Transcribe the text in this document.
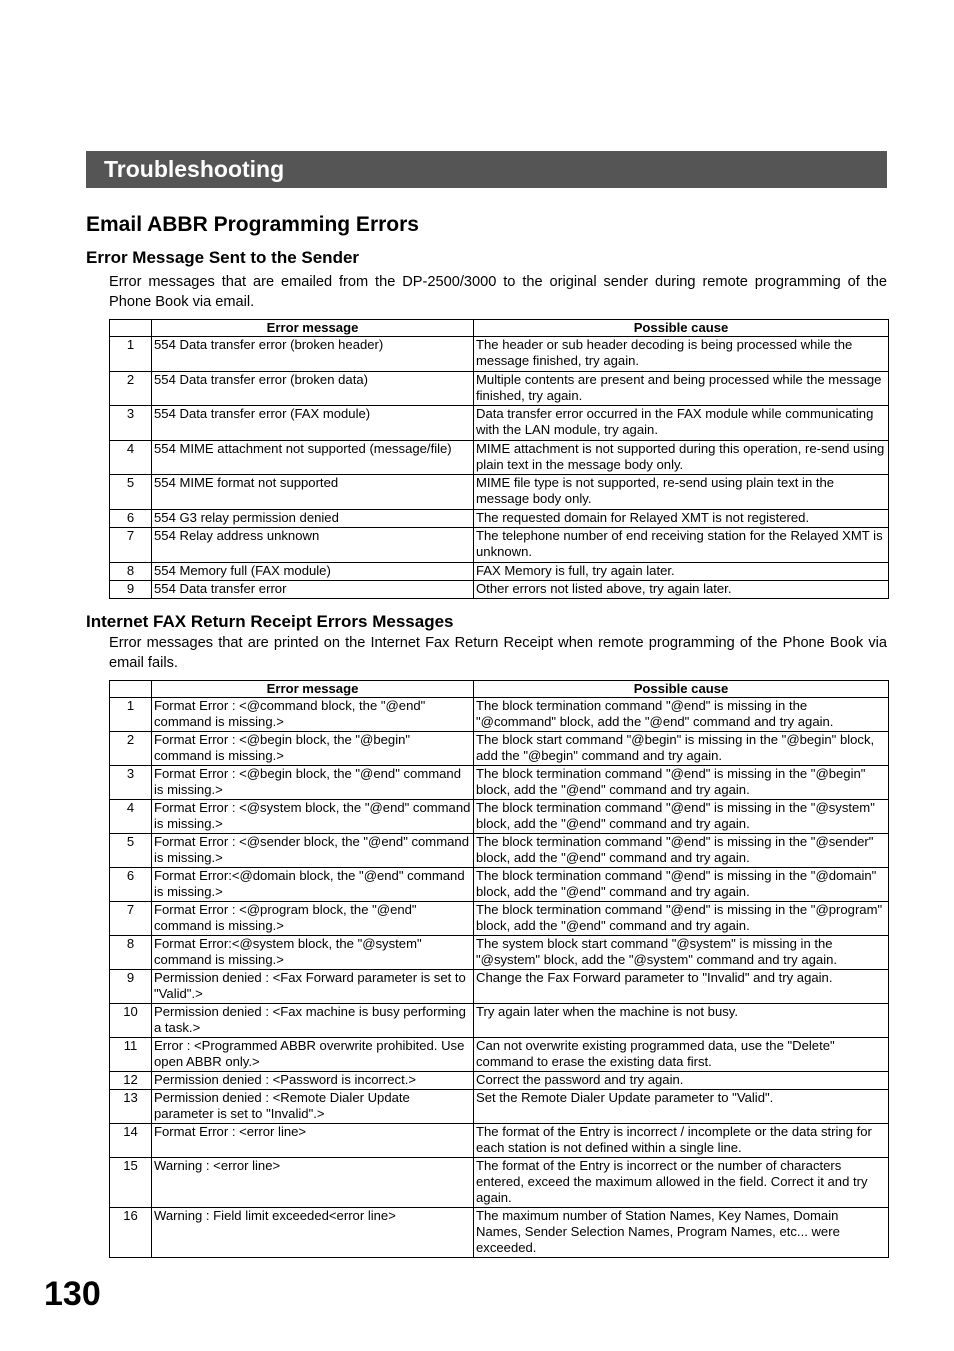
Troubleshooting
Email ABBR Programming Errors
Error Message Sent to the Sender

Error messages that are emailed from the DP-2500/3000 to the original sender during remote programming of the Phone Book via email.

	Error message	Possible cause
1	554 Data transfer error (broken header)	The header or sub header decoding is being processed while the message finished, try again.
2	554 Data transfer error (broken data)	Multiple contents are present and being processed while the message finished, try again.
3	554 Data transfer error (FAX module)	Data transfer error occurred in the FAX module while communicating with the LAN module, try again.
4	554 MIME attachment not supported (message/file)	MIME attachment is not supported during this operation, re-send using plain text in the message body only.
5	554 MIME format not supported	MIME file type is not supported, re-send using plain text in the message body only.
6	554 G3 relay permission denied	The requested domain for Relayed XMT is not registered.
7	554 Relay address unknown	The telephone number of end receiving station for the Relayed XMT is unknown.
8	554 Memory full (FAX module)	FAX Memory is full, try again later.
9	554 Data transfer error	Other errors not listed above, try again later.
Internet FAX Return Receipt Errors Messages

Error messages that are printed on the Internet Fax Return Receipt when remote programming of the Phone Book via email fails.

	Error message	Possible cause
1	Format Error : <@command block, the "@end" command is missing.>	The block termination command "@end" is missing in the "@command" block, add the "@end" command and try again.
2	Format Error : <@begin block, the "@begin" command is missing.>	The block start command "@begin" is missing in the "@begin" block, add the "@begin" command and try again.
3	Format Error : <@begin block, the "@end" command is missing.>	The block termination command "@end" is missing in the "@begin" block, add the "@end" command and try again.
4	Format Error : <@system block, the "@end" command is missing.>	The block termination command "@end" is missing in the "@system" block, add the "@end" command and try again.
5	Format Error : <@sender block, the "@end" command is missing.>	The block termination command "@end" is missing in the "@sender" block, add the "@end" command and try again.
6	Format Error:<@domain block, the "@end" command is missing.>	The block termination command "@end" is missing in the "@domain" block, add the "@end" command and try again.
7	Format Error : <@program block, the "@end" command is missing.>	The block termination command "@end" is missing in the "@program" block, add the "@end" command and try again.
8	Format Error:<@system block, the "@system" command is missing.>	The system block start command "@system" is missing in the "@system" block, add the "@system" command and try again.
9	Permission denied : <Fax Forward parameter is set to "Valid".>	Change the Fax Forward parameter to "Invalid" and try again.
10	Permission denied : <Fax machine is busy performing a task.>	Try again later when the machine is not busy.
11	Error : <Programmed ABBR overwrite prohibited. Use open ABBR only.>	Can not overwrite existing programmed data, use the "Delete" command to erase the existing data first.
12	Permission denied : <Password is incorrect.>	Correct the password and try again.
13	Permission denied : <Remote Dialer Update parameter is set to "Invalid".>	Set the Remote Dialer Update parameter to "Valid".
14	Format Error : <error line>	The format of the Entry is incorrect / incomplete or the data string for each station is not defined within a single line.
15	Warning : <error line>	The format of the Entry is incorrect or the number of characters entered, exceed the maximum allowed in the field. Correct it and try again.
16	Warning : Field limit exceeded<error line>	The maximum number of Station Names, Key Names, Domain Names, Sender Selection Names, Program Names, etc... were exceeded.
130
